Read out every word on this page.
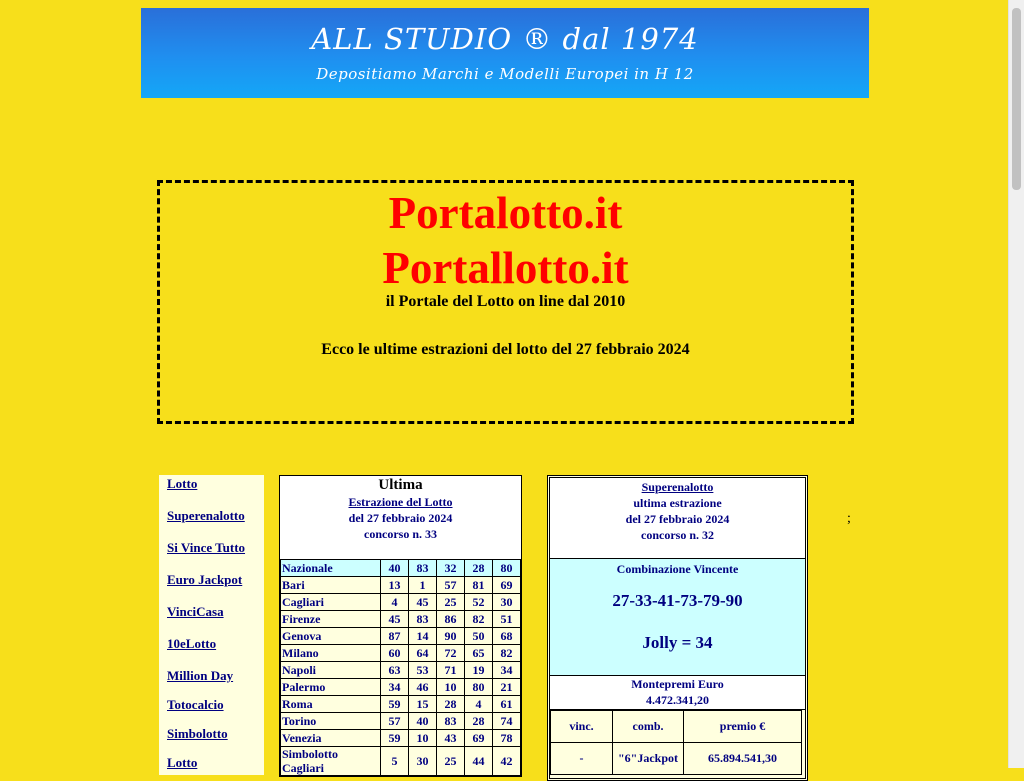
ALL STUDIO ® dal 1974
Depositiamo Marchi e Modelli Europei in H 12
Portalotto.it
Portallotto.it
il Portale del Lotto on line dal 2010
Ecco le ultime estrazioni del lotto del 27 febbraio 2024
Lotto
Superenalotto
Si Vince Tutto
Euro Jackpot
VinciCasa
10eLotto
Million Day
Totocalcio
Simbolotto
Lotto
Ultima
Estrazione del Lotto
del 27 febbraio 2024
concorso n. 33
Nazionale	40	83	32	28	80
Bari	13	1	57	81	69
Cagliari	4	45	25	52	30
Firenze	45	83	86	82	51
Genova	87	14	90	50	68
Milano	60	64	72	65	82
Napoli	63	53	71	19	34
Palermo	34	46	10	80	21
Roma	59	15	28	4	61
Torino	57	40	83	28	74
Venezia	59	10	43	69	78
Simbolotto Cagliari	5	30	25	44	42
Superenalotto
ultima estrazione
del 27 febbraio 2024
concorso n. 32
Combinazione Vincente
27-33-41-73-79-90
Jolly = 34
Montepremi Euro
4.472.341,20
vinc.	comb.	premio €
-	"6"Jackpot	65.894.541,30
;
